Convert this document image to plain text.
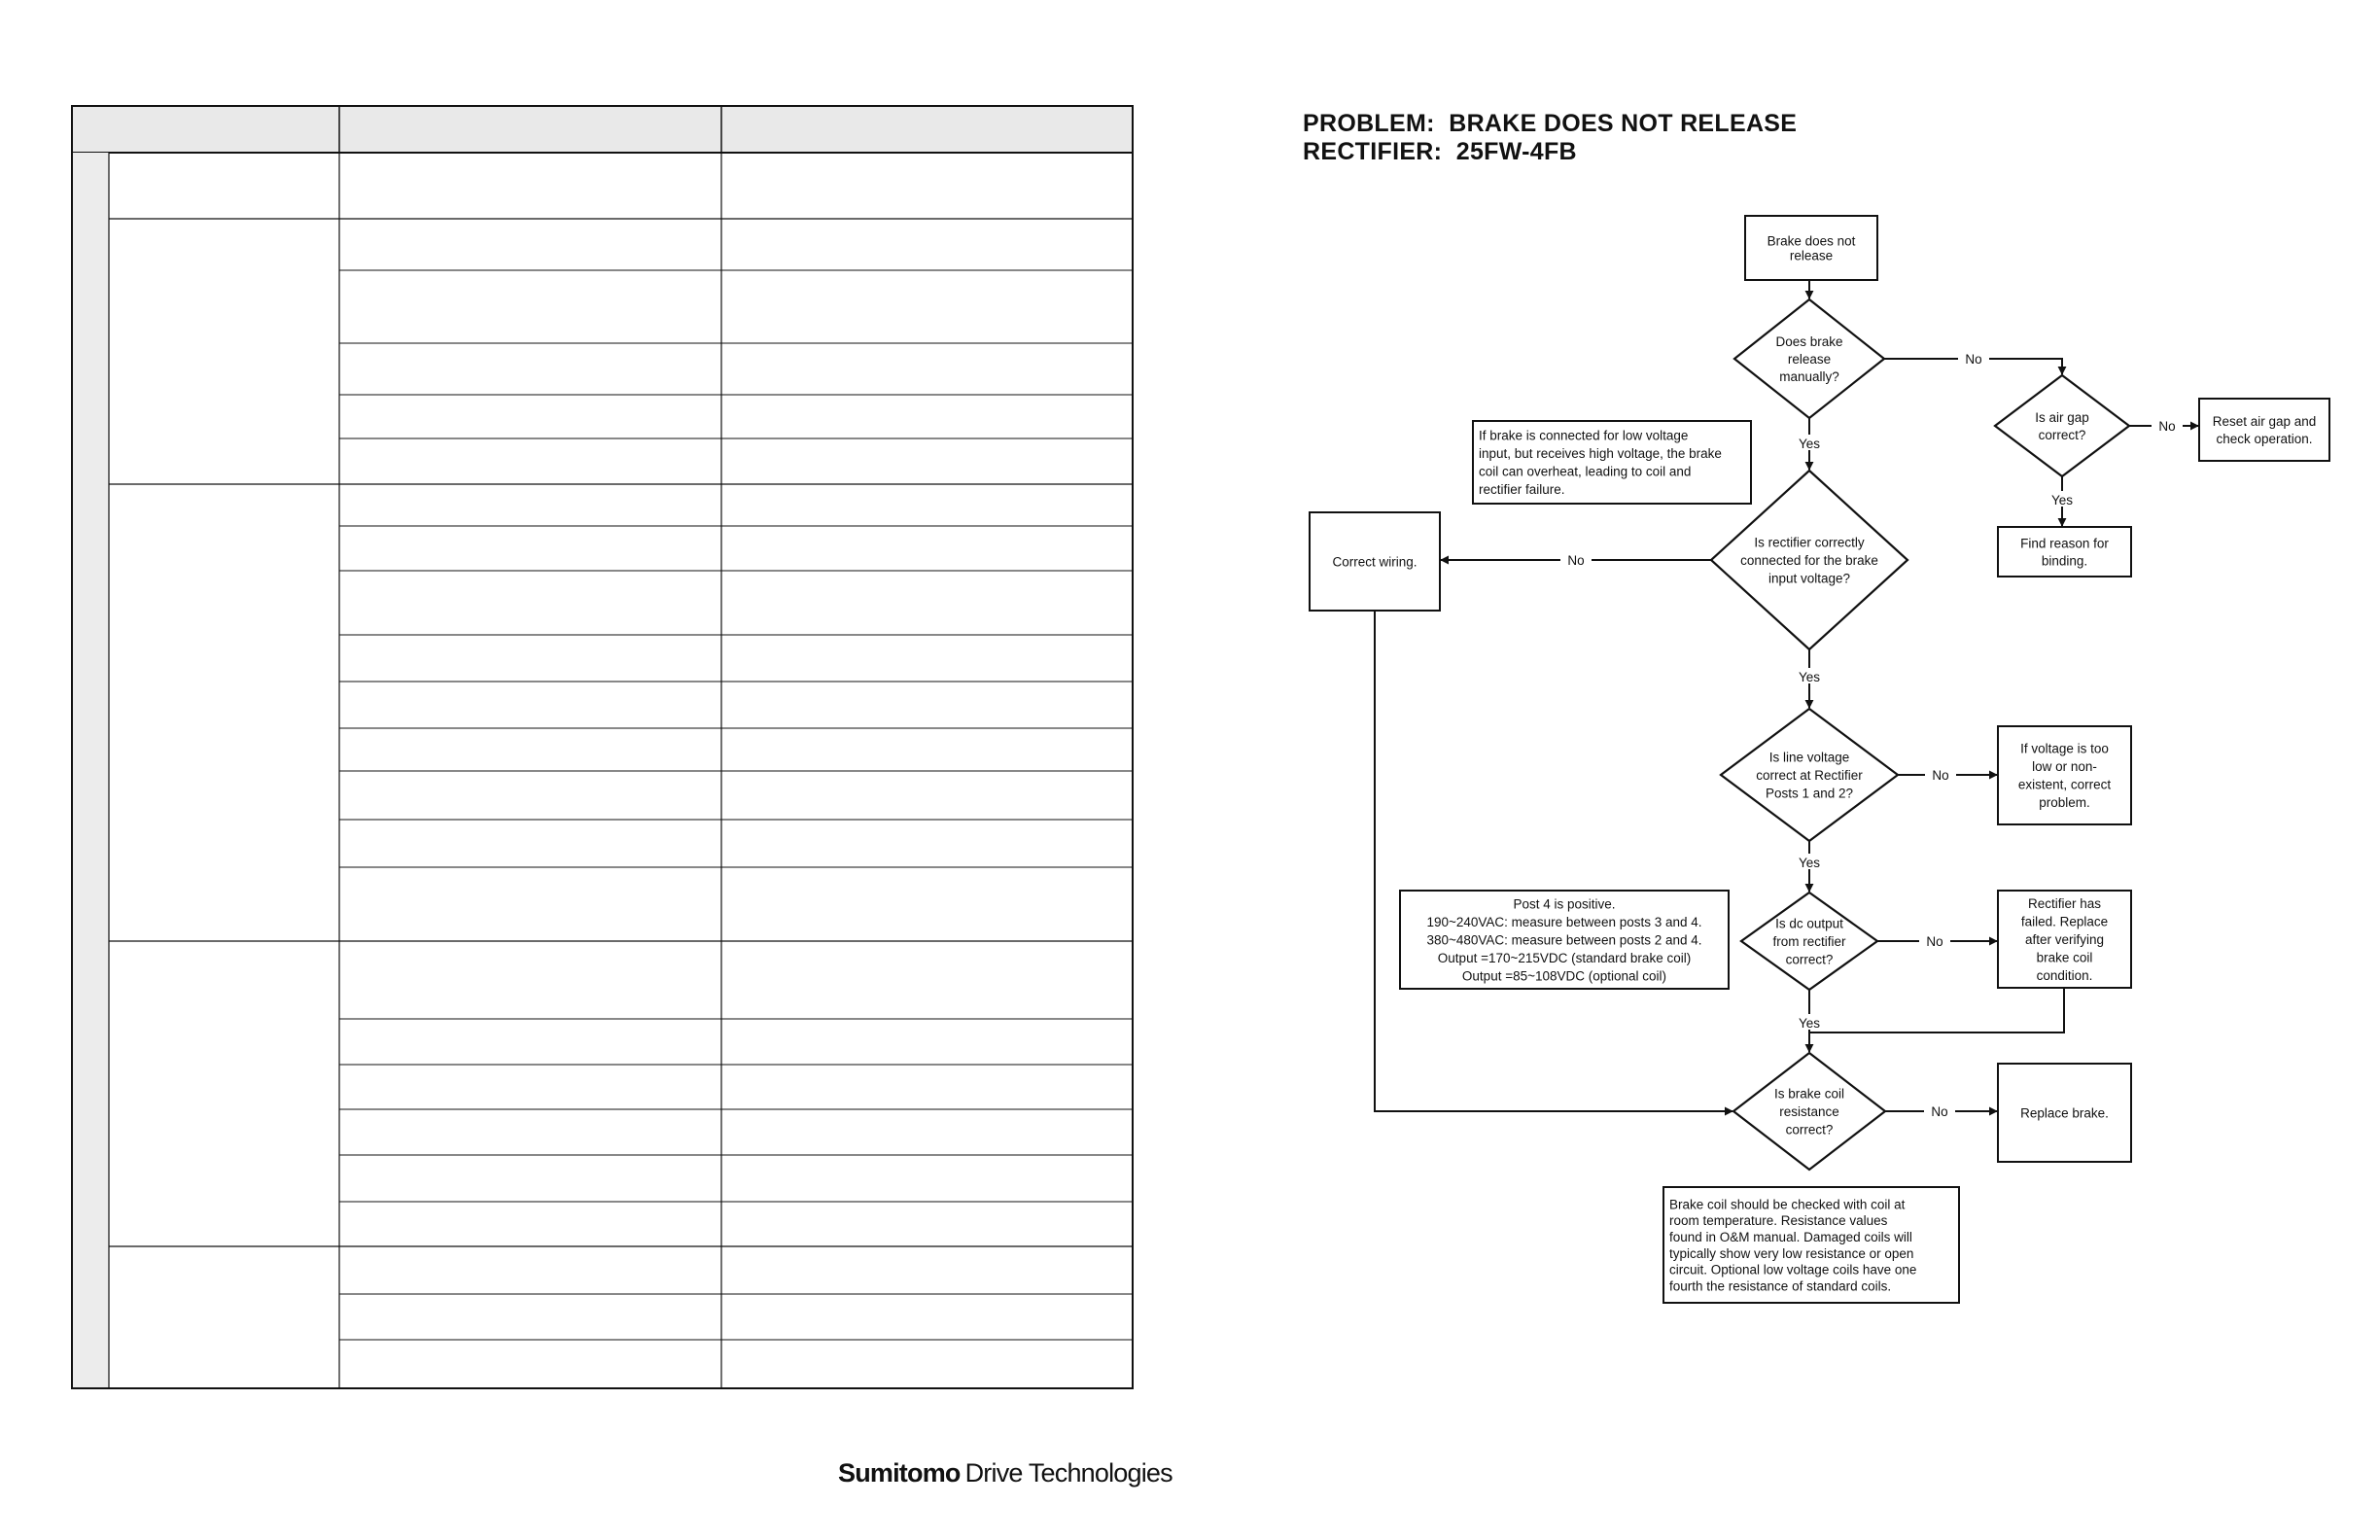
PROBLEM:  BRAKE DOES NOT RELEASE
RECTIFIER:  25FW-4FB
Brake does not
release
Does brake
release
manually?
Is air gap
correct?
Reset air gap and
check operation.
Find reason for
binding.
If brake is connected for low voltage
input, but receives high voltage, the brake
coil can overheat, leading to coil and
rectifier failure.
Is rectifier correctly
connected for the brake
input voltage?
Correct wiring.
Is line voltage
correct at Rectifier
Posts 1 and 2?
If voltage is too
low or non-
existent, correct
problem.
Post 4 is positive.
190~240VAC: measure between posts 3 and 4.
380~480VAC: measure between posts 2 and 4.
Output =170~215VDC (standard brake coil)
Output =85~108VDC (optional coil)
Is dc output
from rectifier
correct?
Rectifier has
failed. Replace
after verifying
brake coil
condition.
Is brake coil
resistance
correct?
Replace brake.
Brake coil should be checked with coil at
room temperature. Resistance values
found in O&M manual. Damaged coils will
typically show very low resistance or open
circuit. Optional low voltage coils have one
fourth the resistance of standard coils.
No
Yes
No
Yes
No
Yes
No
Yes
No
Yes
No
Sumitomo Drive Technologies
